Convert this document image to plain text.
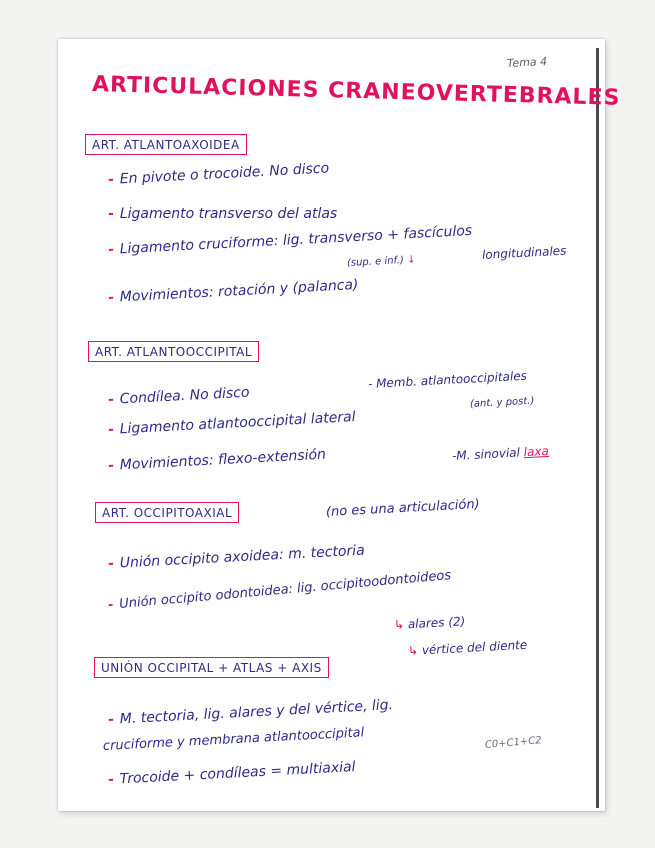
Tema 4
ARTICULACIONES CRANEOVERTEBRALES
ART. ATLANTOAXOIDEA
- En pivote o trocoide. No disco
- Ligamento transverso del atlas
- Ligamento cruciforme: lig. transverso + fascículos
(sup. e inf.) ↓	longitudinales
- Movimientos: rotación y (palanca)
ART. ATLANTOOCCIPITAL
- Condílea. No disco
- Memb. atlantooccipitales
(ant. y post.)
- Ligamento atlantooccipital lateral
- Movimientos: flexo-extensión	-M. sinovial laxa
ART. OCCIPITOAXIAL	(no es una articulación)
- Unión occipito axoidea: m. tectoria
- Unión occipito odontoidea: lig. occipitoodontoideos
↳ alares (2)
↳ vértice del diente
UNIÓN OCCIPITAL + ATLAS + AXIS
- M. tectoria, lig. alares y del vértice, lig.
cruciforme y membrana atlantooccipital	C0+C1+C2
- Trocoide + condíleas = multiaxial
